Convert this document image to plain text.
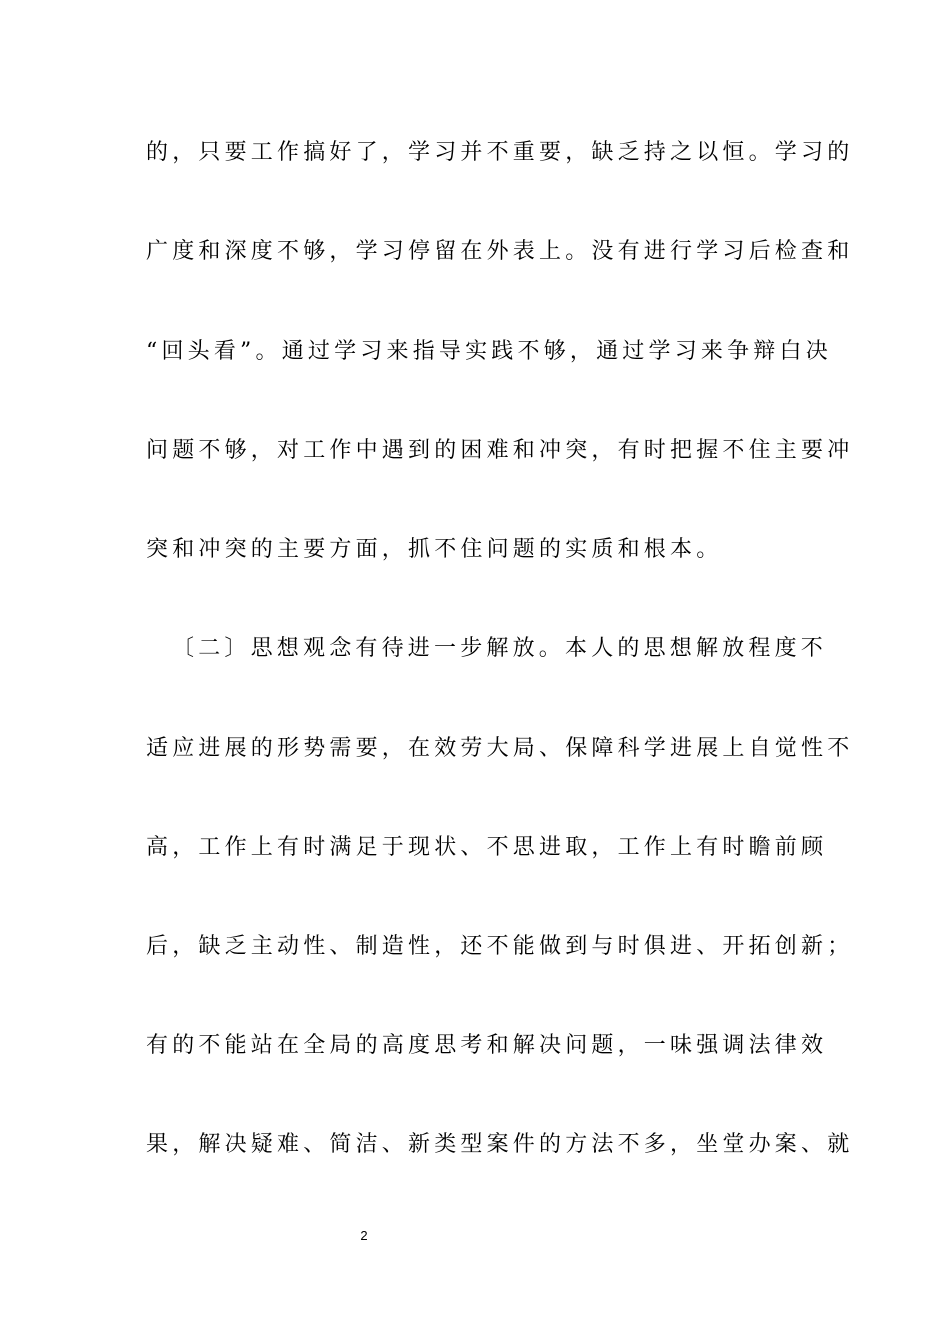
的，只要工作搞好了，学习并不重要，缺乏持之以恒。学习的
广度和深度不够，学习停留在外表上。没有进行学习后检查和
“回头看”。通过学习来指导实践不够，通过学习来争辩白决
问题不够，对工作中遇到的困难和冲突，有时把握不住主要冲
突和冲突的主要方面，抓不住问题的实质和根本。
〔二〕思想观念有待进一步解放。本人的思想解放程度不
适应进展的形势需要，在效劳大局、保障科学进展上自觉性不
高，工作上有时满足于现状、不思进取，工作上有时瞻前顾
后，缺乏主动性、制造性，还不能做到与时俱进、开拓创新；
有的不能站在全局的高度思考和解决问题，一味强调法律效
果，解决疑难、简洁、新类型案件的方法不多，坐堂办案、就
2
